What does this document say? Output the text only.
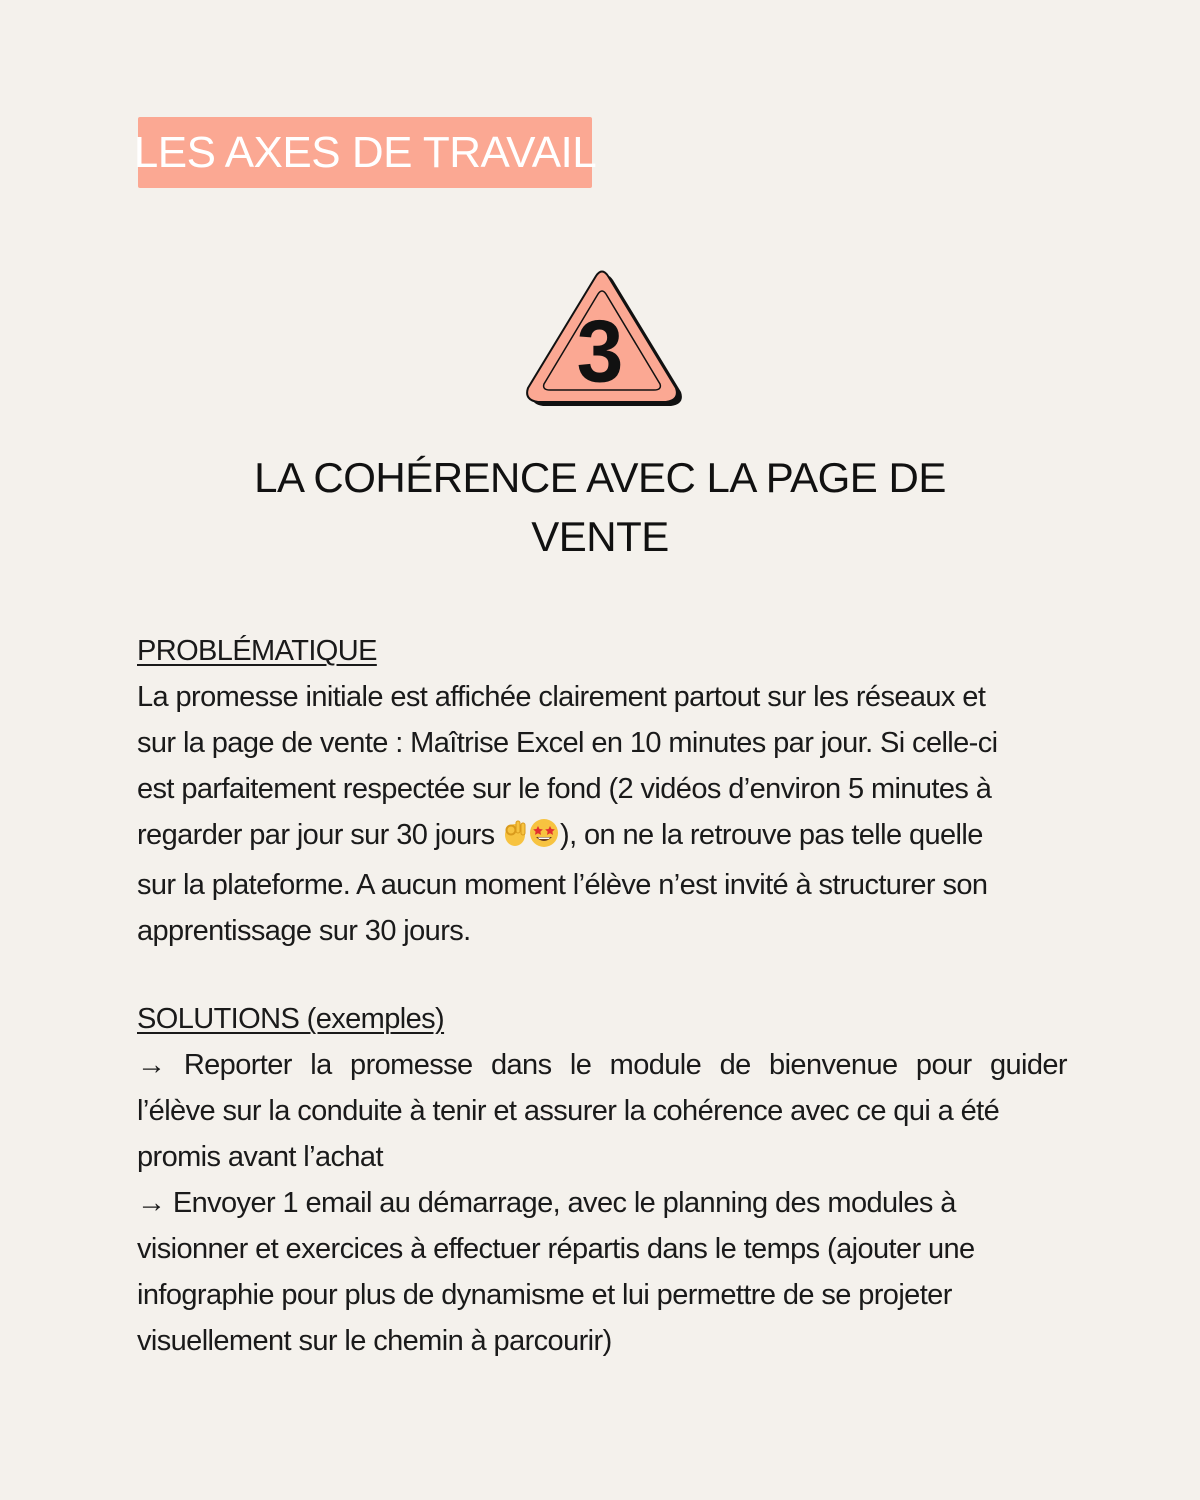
LES AXES DE TRAVAIL
3
LA COHÉRENCE AVEC LA PAGE DE
VENTE
PROBLÉMATIQUE
La promesse initiale est affichée clairement partout sur les réseaux et
sur la page de vente : Maîtrise Excel en 10 minutes par jour. Si celle-ci
est parfaitement respectée sur le fond (2 vidéos d’environ 5 minutes à
regarder par jour sur 30 jours ), on ne la retrouve pas telle quelle
sur la plateforme. A aucun moment l’élève n’est invité à structurer son
apprentissage sur 30 jours.
SOLUTIONS (exemples)
→ Reporter la promesse dans le module de bienvenue pour guider
l’élève sur la conduite à tenir et assurer la cohérence avec ce qui a été
promis avant l’achat
→ Envoyer 1 email au démarrage, avec le planning des modules à
visionner et exercices à effectuer répartis dans le temps (ajouter une
infographie pour plus de dynamisme et lui permettre de se projeter
visuellement sur le chemin à parcourir)
